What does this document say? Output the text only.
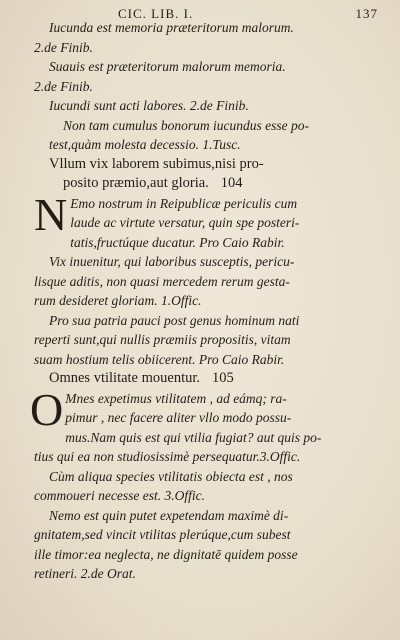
CIC. LIB. I.	137
Iucunda est memoria præteritorum malorum.
2.de Finib.
Suauis est præteritorum malorum memoria.
2.de Finib.
Iucundi sunt acti labores. 2.de Finib.
Non tam cumulus bonorum iucundus esse po-
test,quàm molesta decessio. 1.Tusc.
Vllum vix laborem subimus,nisi pro-
posito præmio,aut gloria. 104
N Emo nostrum in Reipublicæ periculis cum
laude ac virtute versatur, quin spe posteri-
tatis,fructúque ducatur. Pro Caio Rabir.
Vix inuenitur, qui laboribus susceptis, pericu-
lisque aditis, non quasi mercedem rerum gesta-
rum desideret gloriam. 1.Offic.
Pro sua patria pauci post genus hominum nati
reperti sunt,qui nullis præmiis propositis, vitam
suam hostium telis obiicerent. Pro Caio Rabir.
Omnes vtilitate mouentur. 105
O Mnes expetimus vtilitatem , ad eámq; ra-
pimur , nec facere aliter vllo modo possu-
mus.Nam quis est qui vtilia fugiat? aut quis po-
tius qui ea non studiosissimè persequatur.3.Offic.
Cùm aliqua species vtilitatis obiecta est , nos
commoueri necesse est. 3.Offic.
Nemo est quin putet expetendam maximè di-
gnitatem,sed vincit vtilitas plerúque,cum subest
ille timor:ea neglecta, ne dignitatē quidem posse
retineri. 2.de Orat.
